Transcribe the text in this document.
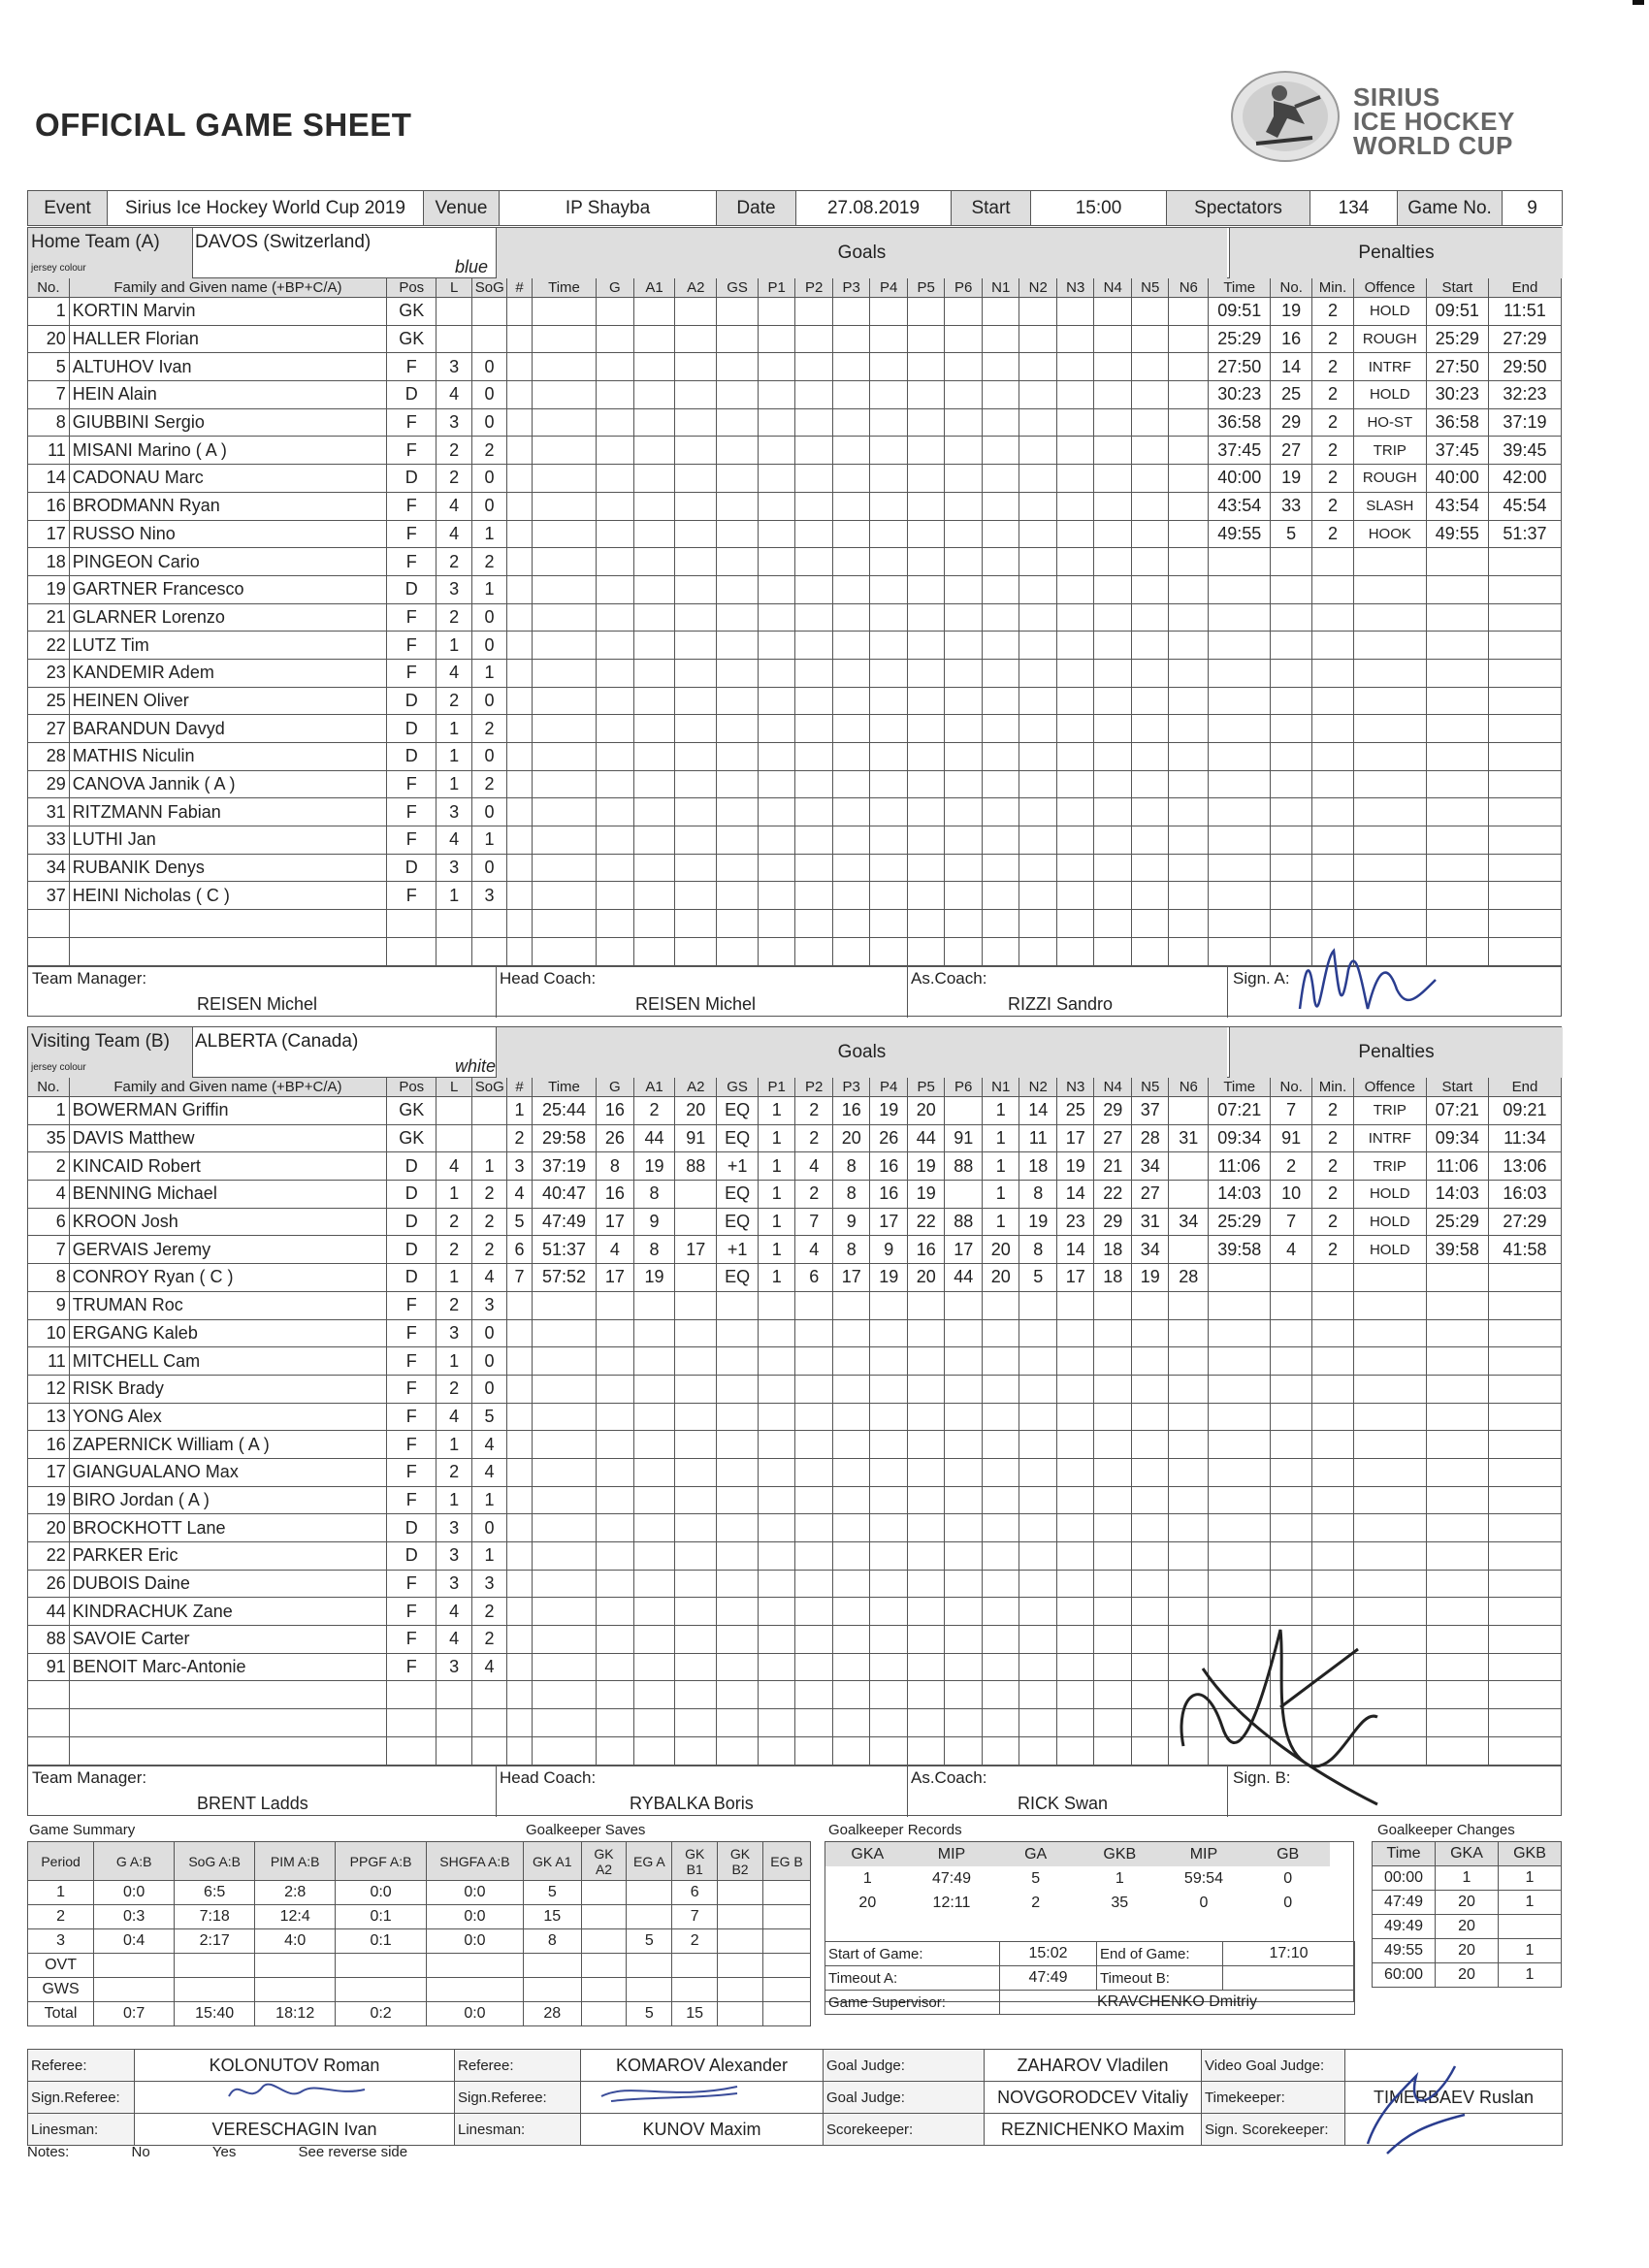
OFFICIAL GAME SHEET
SIRIUS
ICE HOCKEY
WORLD CUP
Event	Sirius Ice Hockey World Cup 2019	Venue	IP Shayba	Date	27.08.2019	Start	15:00	Spectators	134	Game No.	9
Home Team (A)
jersey colour
DAVOS (Switzerland)
blue
Goals	Penalties
No.	Family and Given name (+BP+C/A)	Pos	L	SoG	#	Time	G	A1	A2	GS	P1	P2	P3	P4	P5	P6	N1	N2	N3	N4	N5	N6	Time	No.	Min.	Offence	Start	End
1	KORTIN Marvin	GK																					09:51	19	2	HOLD	09:51	11:51
20	HALLER Florian	GK																					25:29	16	2	ROUGH	25:29	27:29
5	ALTUHOV Ivan	F	3	0																			27:50	14	2	INTRF	27:50	29:50
7	HEIN Alain	D	4	0																			30:23	25	2	HOLD	30:23	32:23
8	GIUBBINI Sergio	F	3	0																			36:58	29	2	HO-ST	36:58	37:19
11	MISANI Marino ( A )	F	2	2																			37:45	27	2	TRIP	37:45	39:45
14	CADONAU Marc	D	2	0																			40:00	19	2	ROUGH	40:00	42:00
16	BRODMANN Ryan	F	4	0																			43:54	33	2	SLASH	43:54	45:54
17	RUSSO Nino	F	4	1																			49:55	5	2	HOOK	49:55	51:37
18	PINGEON Cario	F	2	2																								
19	GARTNER Francesco	D	3	1																								
21	GLARNER Lorenzo	F	2	0																								
22	LUTZ Tim	F	1	0																								
23	KANDEMIR Adem	F	4	1																								
25	HEINEN Oliver	D	2	0																								
27	BARANDUN Davyd	D	1	2																								
28	MATHIS Niculin	D	1	0																								
29	CANOVA Jannik ( A )	F	1	2																								
31	RITZMANN Fabian	F	3	0																								
33	LUTHI Jan	F	4	1																								
34	RUBANIK Denys	D	3	0																								
37	HEINI Nicholas ( C )	F	1	3																								

Team Manager:
REISEN Michel
Head Coach:
REISEN Michel
As.Coach:
RIZZI Sandro
Sign. A:
Visiting Team (B)
jersey colour
ALBERTA (Canada)
white
Goals	Penalties
No.	Family and Given name (+BP+C/A)	Pos	L	SoG	#	Time	G	A1	A2	GS	P1	P2	P3	P4	P5	P6	N1	N2	N3	N4	N5	N6	Time	No.	Min.	Offence	Start	End
1	BOWERMAN Griffin	GK			1	25:44	16	2	20	EQ	1	2	16	19	20		1	14	25	29	37		07:21	7	2	TRIP	07:21	09:21
35	DAVIS Matthew	GK			2	29:58	26	44	91	EQ	1	2	20	26	44	91	1	11	17	27	28	31	09:34	91	2	INTRF	09:34	11:34
2	KINCAID Robert	D	4	1	3	37:19	8	19	88	+1	1	4	8	16	19	88	1	18	19	21	34		11:06	2	2	TRIP	11:06	13:06
4	BENNING Michael	D	1	2	4	40:47	16	8		EQ	1	2	8	16	19		1	8	14	22	27		14:03	10	2	HOLD	14:03	16:03
6	KROON Josh	D	2	2	5	47:49	17	9		EQ	1	7	9	17	22	88	1	19	23	29	31	34	25:29	7	2	HOLD	25:29	27:29
7	GERVAIS Jeremy	D	2	2	6	51:37	4	8	17	+1	1	4	8	9	16	17	20	8	14	18	34		39:58	4	2	HOLD	39:58	41:58
8	CONROY Ryan ( C )	D	1	4	7	57:52	17	19		EQ	1	6	17	19	20	44	20	5	17	18	19	28						
9	TRUMAN Roc	F	2	3																								
10	ERGANG Kaleb	F	3	0																								
11	MITCHELL Cam	F	1	0																								
12	RISK Brady	F	2	0																								
13	YONG Alex	F	4	5																								
16	ZAPERNICK William ( A )	F	1	4																								
17	GIANGUALANO Max	F	2	4																								
19	BIRO Jordan ( A )	F	1	1																								
20	BROCKHOTT Lane	D	3	0																								
22	PARKER Eric	D	3	1																								
26	DUBOIS Daine	F	3	3																								
44	KINDRACHUK Zane	F	4	2																								
88	SAVOIE Carter	F	4	2																								
91	BENOIT Marc-Antonie	F	3	4																								

Team Manager:
BRENT Ladds
Head Coach:
RYBALKA Boris
As.Coach:
RICK Swan
Sign. B:
Game Summary	Goalkeeper Saves	Goalkeeper Records	Goalkeeper Changes
Period	G A:B	SoG A:B	PIM A:B	PPGF A:B	SHGFA A:B	GK A1	GK A2	EG A	GK B1	GK B2	EG B
1	0:0	6:5	2:8	0:0	0:0	5			6		
2	0:3	7:18	12:4	0:1	0:0	15			7		
3	0:4	2:17	4:0	0:1	0:0	8		5	2		
OVT											
GWS											
Total	0:7	15:40	18:12	0:2	0:0	28		5	15		
GKA	MIP	GA	GKB	MIP	GB
1	47:49	5	1	59:54	0
20	12:11	2	35	0	0
Start of Game:	15:02	End of Game:	17:10
Timeout A:	47:49	Timeout B:	
Game Supervisor:	KRAVCHENKO Dmitriy		
Time	GKA	GKB
00:00	1	1
47:49	20	1
49:49	20	
49:55	20	1
60:00	20	1
Referee:	KOLONUTOV Roman	Referee:	KOMAROV Alexander	Goal Judge:	ZAHAROV Vladilen	Video Goal Judge:	
Sign.Referee:		Sign.Referee:		Goal Judge:	NOVGORODCEV Vitaliy	Timekeeper:	TIMERBAEV Ruslan
Linesman:	VERESCHAGIN Ivan	Linesman:	KUNOV Maxim	Scorekeeper:	REZNICHENKO Maxim	Sign. Scorekeeper:	
Notes:	No	Yes	See reverse side
